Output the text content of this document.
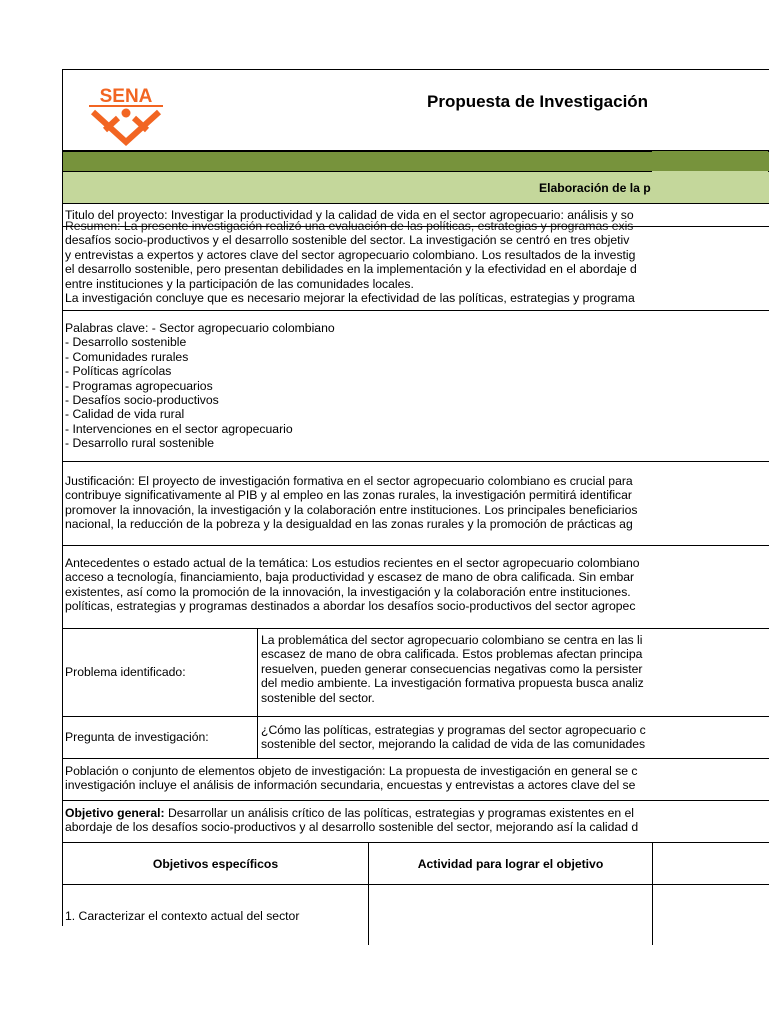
SENA	Propuesta de Investigación
Elaboración de la p
Titulo del proyecto: Investigar la productividad y la calidad de vida en el sector agropecuario: análisis y so
Resumen: La presente investigación realizó una evaluación de las políticas, estrategias y programas exis
desafíos socio-productivos y el desarrollo sostenible del sector. La investigación se centró en tres objetiv
y entrevistas a expertos y actores clave del sector agropecuario colombiano. Los resultados de la investig
el desarrollo sostenible, pero presentan debilidades en la implementación y la efectividad en el abordaje d
entre instituciones y la participación de las comunidades locales.
La investigación concluye que es necesario mejorar la efectividad de las políticas, estrategias y programa
Palabras clave: - Sector agropecuario colombiano
- Desarrollo sostenible
- Comunidades rurales
- Políticas agrícolas
- Programas agropecuarios
- Desafíos socio-productivos
- Calidad de vida rural
- Intervenciones en el sector agropecuario
- Desarrollo rural sostenible
Justificación: El proyecto de investigación formativa en el sector agropecuario colombiano es crucial para
contribuye significativamente al PIB y al empleo en las zonas rurales, la investigación permitirá identificar
promover la innovación, la investigación y la colaboración entre instituciones. Los principales beneficiarios
nacional, la reducción de la pobreza y la desigualdad en las zonas rurales y la promoción de prácticas ag
Antecedentes o estado actual de la temática: Los estudios recientes en el sector agropecuario colombiano
acceso a tecnología, financiamiento, baja productividad y escasez de mano de obra calificada. Sin embar
existentes, así como la promoción de la innovación, la investigación y la colaboración entre instituciones.
políticas, estrategias y programas destinados a abordar los desafíos socio-productivos del sector agropec
Problema identificado:
La problemática del sector agropecuario colombiano se centra en las li
escasez de mano de obra calificada. Estos problemas afectan principa
resuelven, pueden generar consecuencias negativas como la persister
del medio ambiente. La investigación formativa propuesta busca analiz
sostenible del sector.
Pregunta de investigación:
¿Cómo las políticas, estrategias y programas del sector agropecuario c
sostenible del sector, mejorando la calidad de vida de las comunidades
Población o conjunto de elementos objeto de investigación: La propuesta de investigación en general se c
investigación incluye el análisis de información secundaria, encuestas y entrevistas a actores clave del se
Objetivo general: Desarrollar un análisis crítico de las políticas, estrategias y programas existentes en el
abordaje de los desafíos socio-productivos y al desarrollo sostenible del sector, mejorando así la calidad d
Objetivos específicos	Actividad para lograr el objetivo
1. Caracterizar el contexto actual del sector
